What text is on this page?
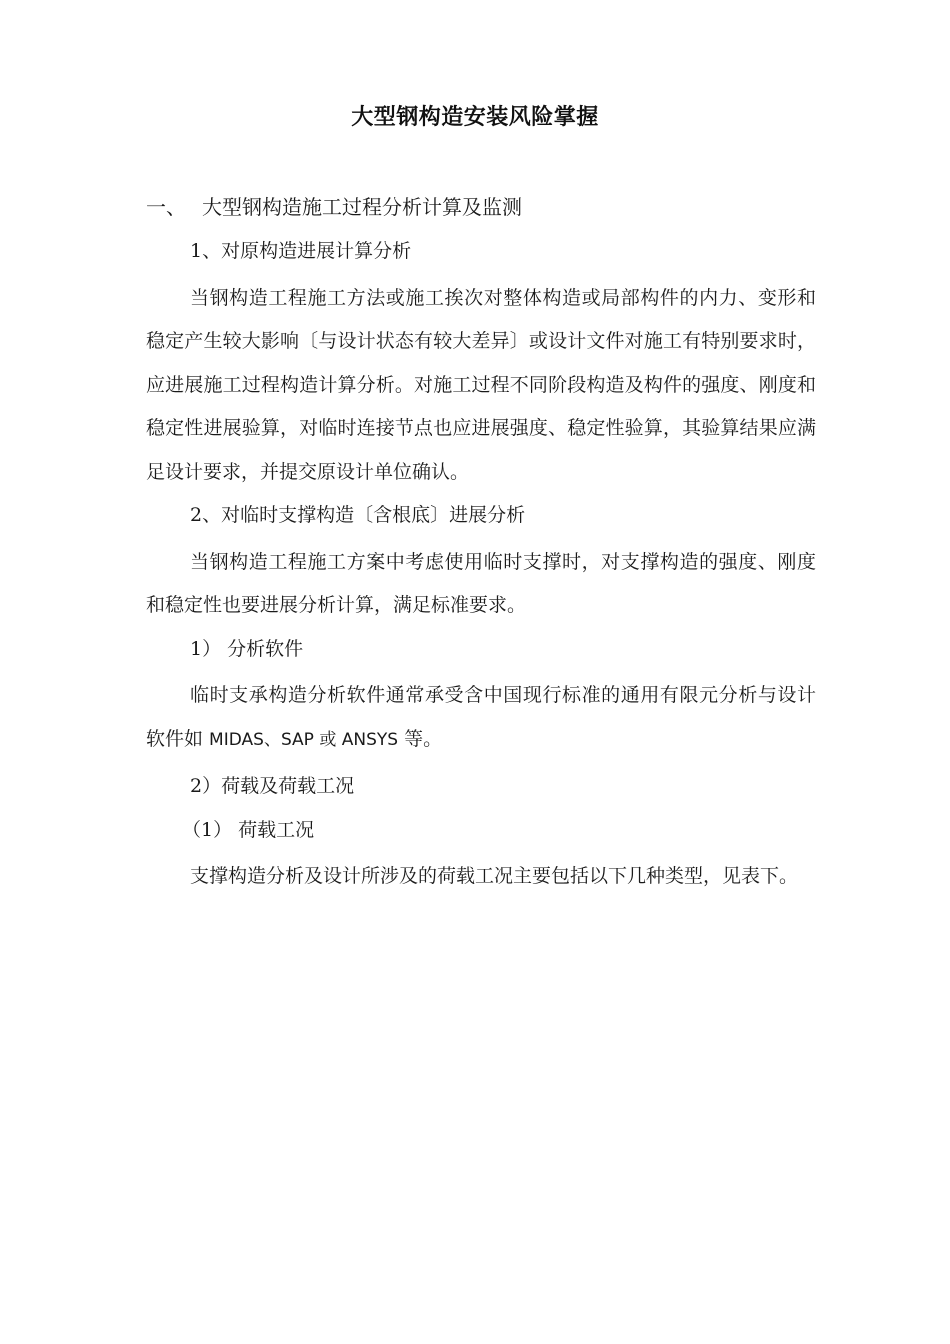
大型钢构造安装风险掌握

一、 大型钢构造施工过程分析计算及监测

1、对原构造进展计算分析

当钢构造工程施工方法或施工挨次对整体构造或局部构件的内力、变形和稳定产生较大影响〔与设计状态有较大差异〕或设计文件对施工有特别要求时，应进展施工过程构造计算分析。对施工过程不同阶段构造及构件的强度、刚度和稳定性进展验算，对临时连接节点也应进展强度、稳定性验算，其验算结果应满足设计要求，并提交原设计单位确认。

2、对临时支撑构造〔含根底〕进展分析

当钢构造工程施工方案中考虑使用临时支撑时，对支撑构造的强度、刚度和稳定性也要进展分析计算，满足标准要求。

1） 分析软件

临时支承构造分析软件通常承受含中国现行标准的通用有限元分析与设计软件如 MIDAS、SAP 或 ANSYS 等。

2）荷载及荷载工况

（1） 荷载工况

支撑构造分析及设计所涉及的荷载工况主要包括以下几种类型，见表下。
